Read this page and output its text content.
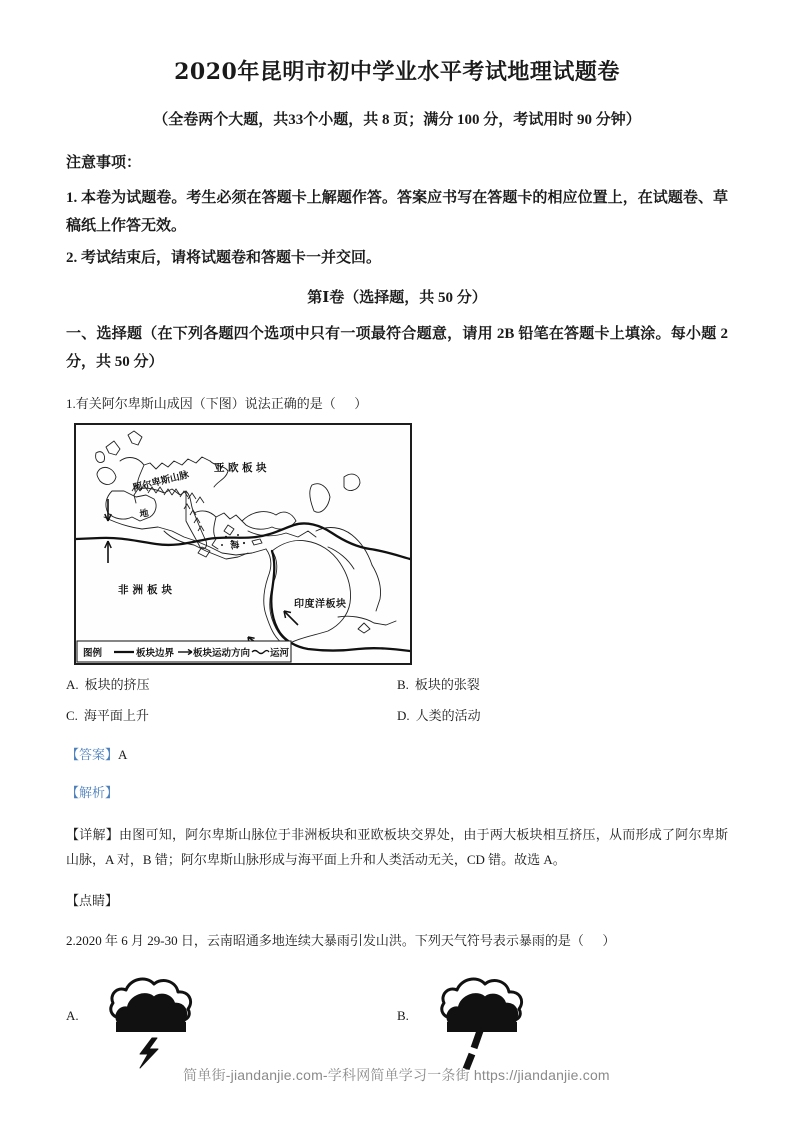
2020年昆明市初中学业水平考试地理试题卷
（全卷两个大题，共33个小题，共 8 页；满分 100 分，考试用时 90 分钟）
注意事项：
1. 本卷为试题卷。考生必须在答题卡上解题作答。答案应书写在答题卡的相应位置上，在试题卷、草稿纸上作答无效。
2. 考试结束后，请将试题卷和答题卡一并交回。
第Ⅰ卷（选择题，共 50 分）
一、选择题（在下列各题四个选项中只有一项最符合题意，请用 2B 铅笔在答题卡上填涂。每小题 2 分，共 50 分）
1.有关阿尔卑斯山成因（下图）说法正确的是（ ）
亚欧板块
阿尔卑斯山脉
地
海
非洲板块
印度洋板块
图例	板块边界 板块运动方向 运河
A. 板块的挤压	B. 板块的张裂
C. 海平面上升	D. 人类的活动
【答案】A
【解析】
【详解】由图可知，阿尔卑斯山脉位于非洲板块和亚欧板块交界处，由于两大板块相互挤压，从而形成了阿尔卑斯山脉，A 对，B 错；阿尔卑斯山脉形成与海平面上升和人类活动无关，CD 错。故选 A。
【点睛】
2.2020 年 6 月 29-30 日，云南昭通多地连续大暴雨引发山洪。下列天气符号表示暴雨的是（ ）
A.	B.
简单街-jiandanjie.com-学科网简单学习一条街 https://jiandanjie.com
